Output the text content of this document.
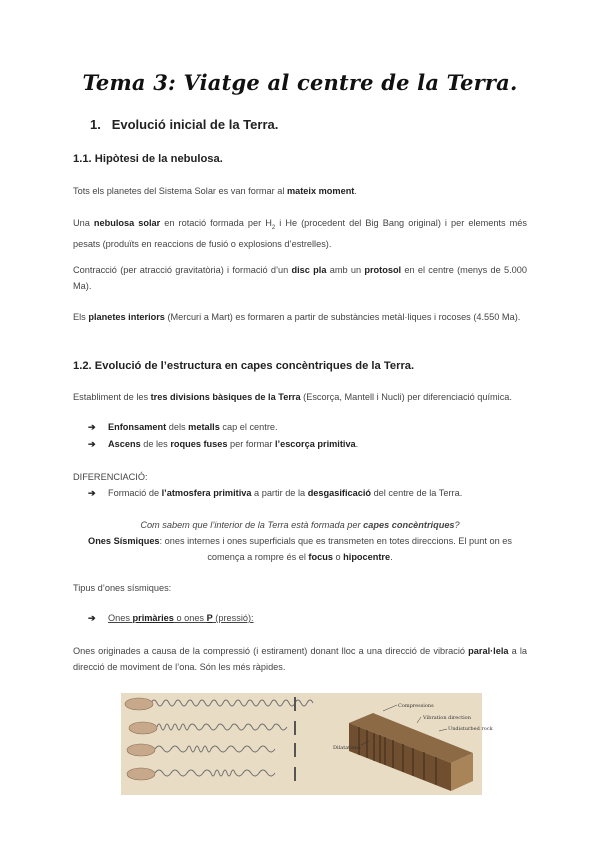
Tema 3: Viatge al centre de la Terra.
1. Evolució inicial de la Terra.
1.1. Hipòtesi de la nebulosa.
Tots els planetes del Sistema Solar es van formar al mateix moment.
Una nebulosa solar en rotació formada per $H_2$ i He (procedent del Big Bang original) i per elements més pesats (produïts en reaccions de fusió o explosions d’estrelles).
Contracció (per atracció gravitatòria) i formació d’un disc pla amb un protosol en el centre (menys de 5.000 Ma).
Els planetes interiors (Mercuri a Mart) es formaren a partir de substàncies metàl·liques i rocoses (4.550 Ma).
1.2. Evolució de l’estructura en capes concèntriques de la Terra.
Establiment de les tres divisions bàsiques de la Terra (Escorça, Mantell i Nucli) per diferenciació química.
➔ Enfonsament dels metalls cap el centre.
➔ Ascens de les roques fuses per formar l’escorça primitiva.
DIFERENCIACIÓ:
➔ Formació de l’atmosfera primitiva a partir de la desgasificació del centre de la Terra.
Com sabem que l’interior de la Terra està formada per capes concèntriques?
Ones Sísmiques: ones internes i ones superficials que es transmeten en totes direccions. El punt on es comença a rompre és el focus o hipocentre.
Tipus d’ones sísmiques:
➔ Ones primàries o ones P (pressió):
Ones originades a causa de la compressió (i estirament) donant lloc a una direcció de vibració paral·lela a la direcció de moviment de l’ona. Són les més ràpides.
Compressions
Vibration direction
Undisturbed rock
Dilatations
